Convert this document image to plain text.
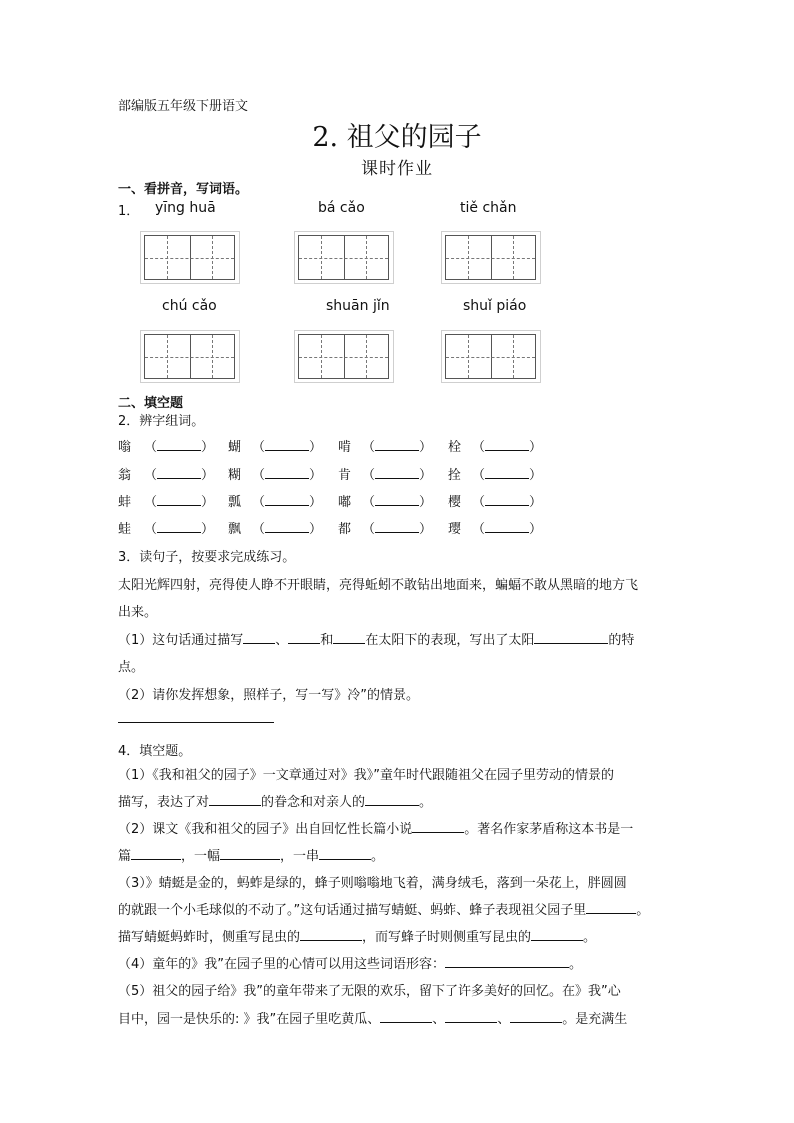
部编版五年级下册语文
2. 祖父的园子
课时作业
一、看拼音，写词语。
1． yīng huā	bá cǎo	tiě chǎn
chú cǎo	shuān jǐn	shuǐ piáo
二、填空题
2．辨字组词。
嗡 （	） 蝴 （	） 啃 （	） 栓 （	）
翁 （	） 糊 （	） 肯 （	） 拴 （	）
蚌 （	） 瓢 （	） 嘟 （	） 樱 （	）
蛙 （	） 飘 （	） 都 （	） 璎 （	）
3．读句子，按要求完成练习。
太阳光辉四射，亮得使人睁不开眼睛，亮得蚯蚓不敢钻出地面来，蝙蝠不敢从黑暗的地方飞
出来。
（1）这句话通过描写 、 和 在太阳下的表现，写出了太阳	的特
点。
（2）请你发挥想象，照样子，写一写》冷”的情景。
4．填空题。
（1）《我和祖父的园子》一文章通过对》我》”童年时代跟随祖父在园子里劳动的情景的
描写，表达了对	的眷念和对亲人的	。
（2）课文《我和祖父的园子》出自回忆性长篇小说	。著名作家茅盾称这本书是一
篇	，一幅	，一串	。
（3）》蜻蜓是金的，蚂蚱是绿的，蜂子则嗡嗡地飞着，满身绒毛，落到一朵花上，胖圆圆
的就跟一个小毛球似的不动了。”这句话通过描写蜻蜓、蚂蚱、蜂子表现祖父园子里	。
描写蜻蜓蚂蚱时，侧重写昆虫的	，而写蜂子时则侧重写昆虫的	。
（4）童年的》我”在园子里的心情可以用这些词语形容：	。
（5）祖父的园子给》我”的童年带来了无限的欢乐，留下了许多美好的回忆。在》我”心
目中，园一是快乐的: 》我”在园子里吃黄瓜、	、	、	。是充满生
